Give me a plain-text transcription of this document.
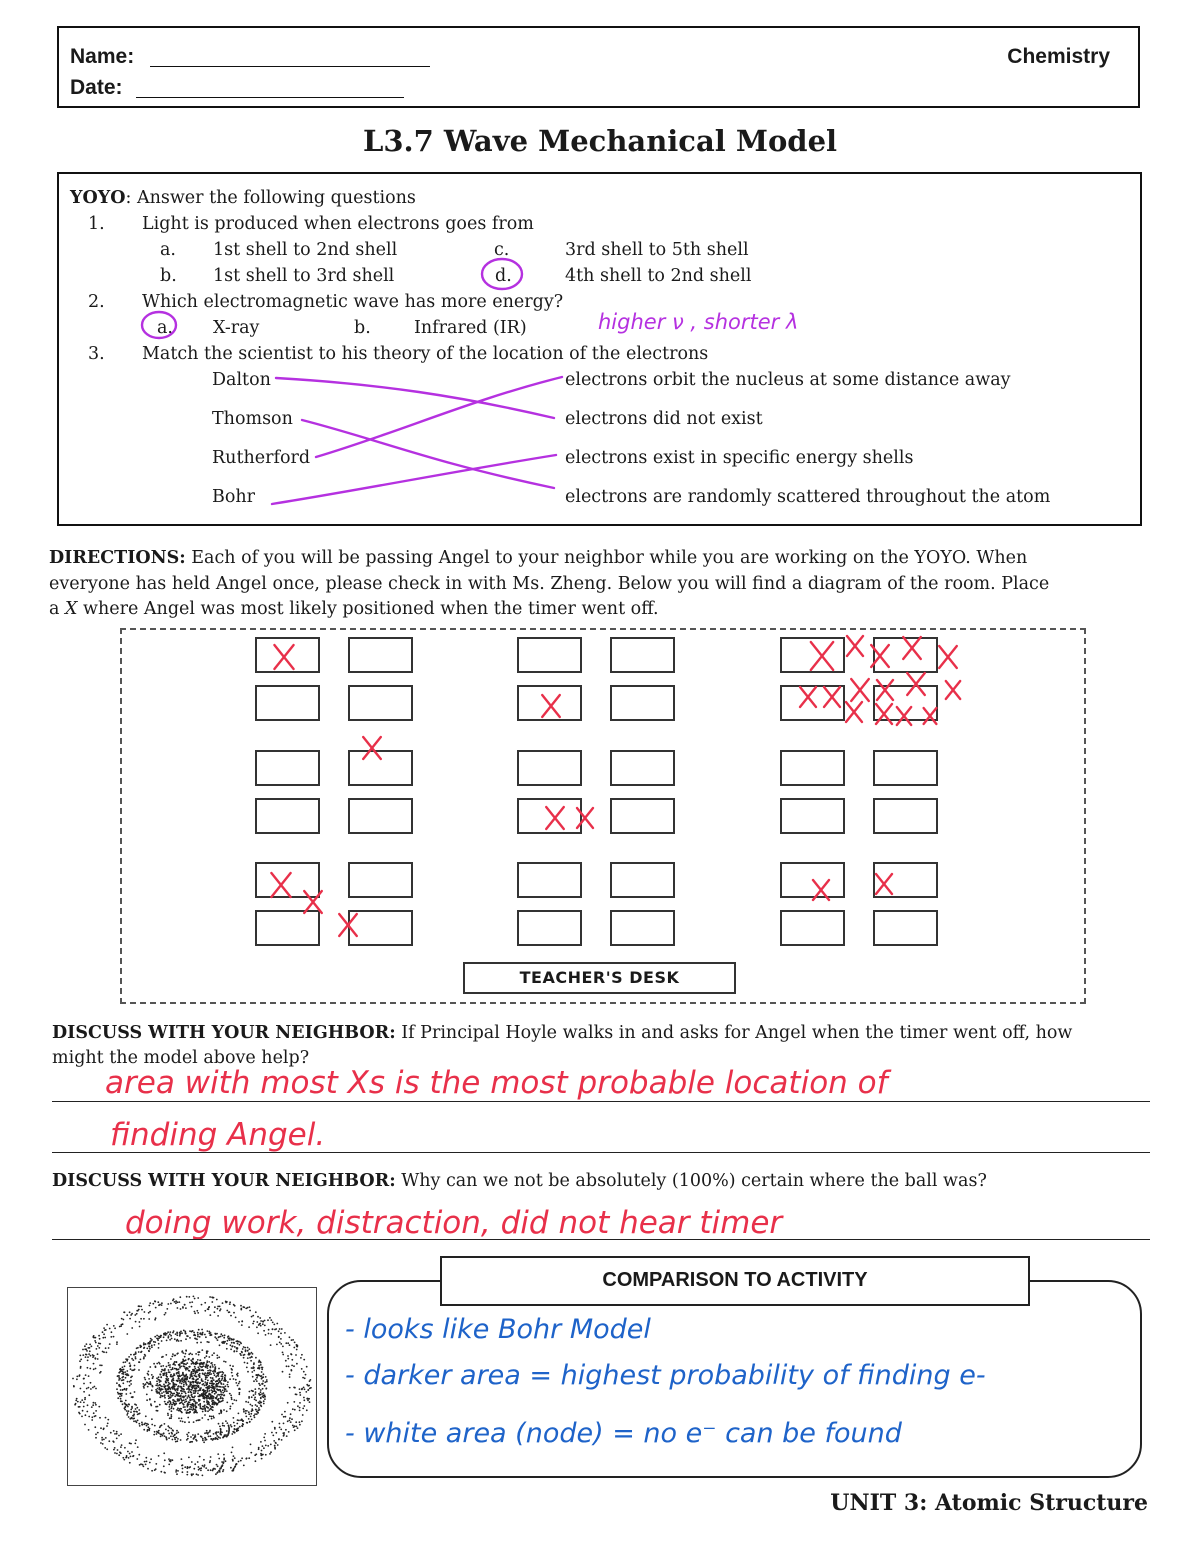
Name:
Date:
Chemistry
L3.7 Wave Mechanical Model
YOYO: Answer the following questions
1. Light is produced when electrons goes from
a. 1st shell to 2nd shell
b. 1st shell to 3rd shell
c.	3rd shell to 5th shell
d.	4th shell to 2nd shell
2. Which electromagnetic wave has more energy?
a. X-ray	b. Infrared (IR)	higher ν , shorter λ
3. Match the scientist to his theory of the location of the electrons
Dalton
Thomson
Rutherford
Bohr
electrons orbit the nucleus at some distance away
electrons did not exist
electrons exist in specific energy shells
electrons are randomly scattered throughout the atom
DIRECTIONS: Each of you will be passing Angel to your neighbor while you are working on the YOYO. When
everyone has held Angel once, please check in with Ms. Zheng. Below you will find a diagram of the room. Place
a X where Angel was most likely positioned when the timer went off.
TEACHER'S DESK
DISCUSS WITH YOUR NEIGHBOR: If Principal Hoyle walks in and asks for Angel when the timer went off, how
might the model above help?
area with most Xs is the most probable location of
finding Angel.
DISCUSS WITH YOUR NEIGHBOR: Why can we not be absolutely (100%) certain where the ball was?
doing work, distraction, did not hear timer
COMPARISON TO ACTIVITY
- looks like Bohr Model
- darker area = highest probability of finding e-
- white area (node) = no e⁻ can be found
UNIT 3: Atomic Structure
